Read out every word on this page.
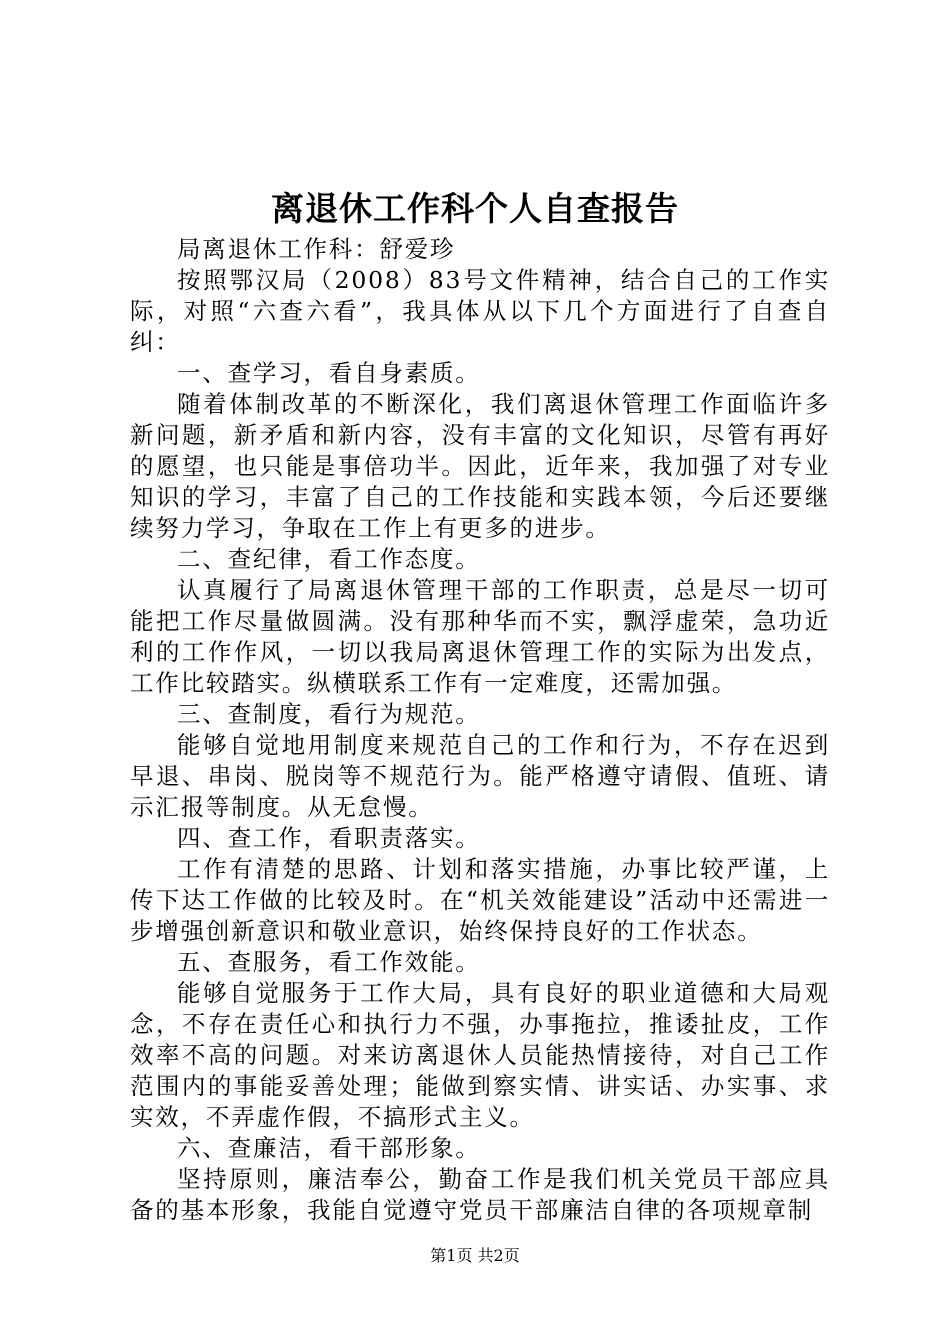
离退休工作科个人自查报告

局离退休工作科：舒爱珍

按照鄂汉局（2008）83号文件精神，结合自己的工作实际，对照“六查六看”，我具体从以下几个方面进行了自查自纠：

一、查学习，看自身素质。

随着体制改革的不断深化，我们离退休管理工作面临许多新问题，新矛盾和新内容，没有丰富的文化知识，尽管有再好的愿望，也只能是事倍功半。因此，近年来，我加强了对专业知识的学习，丰富了自己的工作技能和实践本领，今后还要继续努力学习，争取在工作上有更多的进步。

二、查纪律，看工作态度。

认真履行了局离退休管理干部的工作职责，总是尽一切可能把工作尽量做圆满。没有那种华而不实，飘浮虚荣，急功近利的工作作风，一切以我局离退休管理工作的实际为出发点，工作比较踏实。纵横联系工作有一定难度，还需加强。

三、查制度，看行为规范。

能够自觉地用制度来规范自己的工作和行为，不存在迟到早退、串岗、脱岗等不规范行为。能严格遵守请假、值班、请示汇报等制度。从无怠慢。

四、查工作，看职责落实。

工作有清楚的思路、计划和落实措施，办事比较严谨，上传下达工作做的比较及时。在“机关效能建设”活动中还需进一步增强创新意识和敬业意识，始终保持良好的工作状态。

五、查服务，看工作效能。

能够自觉服务于工作大局，具有良好的职业道德和大局观念，不存在责任心和执行力不强，办事拖拉，推诿扯皮，工作效率不高的问题。对来访离退休人员能热情接待，对自己工作范围内的事能妥善处理；能做到察实情、讲实话、办实事、求实效，不弄虚作假，不搞形式主义。

六、查廉洁，看干部形象。

坚持原则，廉洁奉公，勤奋工作是我们机关党员干部应具备的基本形象，我能自觉遵守党员干部廉洁自律的各项规章制

第1页 共2页
